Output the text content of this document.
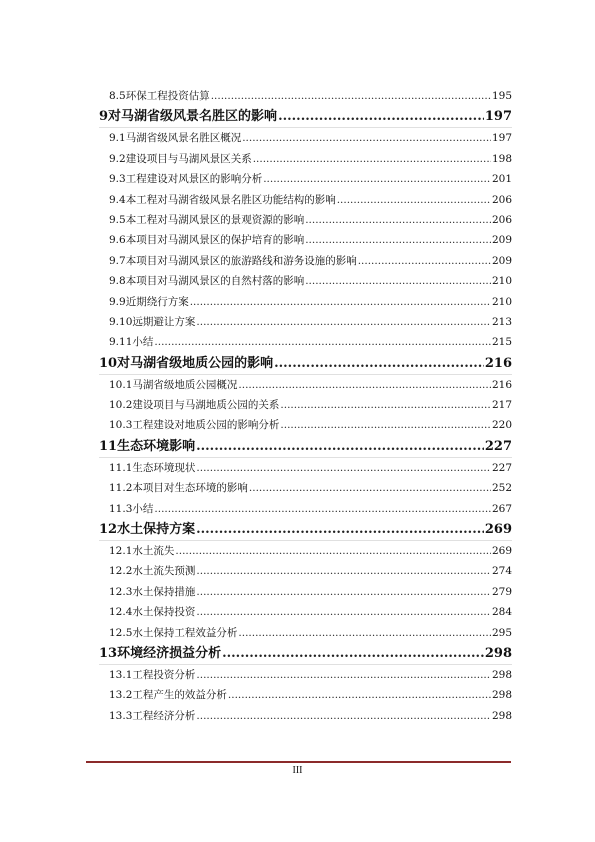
8.5 环保工程投资估算 .....	195
9 对马湖省级风景名胜区的影响 .....	197
9.1 马湖省级风景名胜区概况 .....	197
9.2 建设项目与马湖风景区关系 .....	198
9.3 工程建设对风景区的影响分析 .....	201
9.4 本工程对马湖省级风景名胜区功能结构的影响 .....	206
9.5 本工程对马湖风景区的景观资源的影响 .....	206
9.6 本项目对马湖风景区的保护培育的影响 .....	209
9.7 本项目对马湖风景区的旅游路线和游务设施的影响 .....	209
9.8 本项目对马湖风景区的自然村落的影响 .....	210
9.9 近期绕行方案 .....	210
9.10 远期避让方案 .....	213
9.11 小结 .....	215
10 对马湖省级地质公园的影响 .....	216
10.1 马湖省级地质公园概况 .....	216
10.2 建设项目与马湖地质公园的关系 .....	217
10.3 工程建设对地质公园的影响分析 .....	220
11 生态环境影响 .....	227
11.1 生态环境现状 .....	227
11.2 本项目对生态环境的影响 .....	252
11.3 小结 .....	267
12 水土保持方案 .....	269
12.1 水土流失 .....	269
12.2 水土流失预测 .....	274
12.3 水土保持措施 .....	279
12.4 水土保持投资 .....	284
12.5 水土保持工程效益分析 .....	295
13 环境经济损益分析 .....	298
13.1 工程投资分析 .....	298
13.2 工程产生的效益分析 .....	298
13.3 工程经济分析 .....	298
III
